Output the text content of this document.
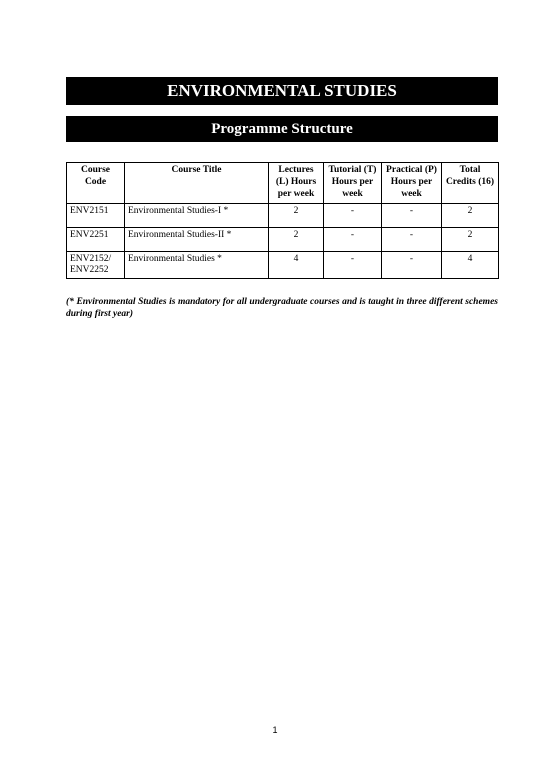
ENVIRONMENTAL STUDIES
Programme Structure
Course Code	Course Title	Lectures (L) Hours per week	Tutorial (T) Hours per week	Practical (P) Hours per week	Total Credits (16)
ENV2151	Environmental Studies-I *	2	-	-	2
ENV2251	Environmental Studies-II *	2	-	-	2
ENV2152/ ENV2252	Environmental Studies *	4	-	-	4
(* Environmental Studies is mandatory for all undergraduate courses and is taught in three different schemes during first year)
1
